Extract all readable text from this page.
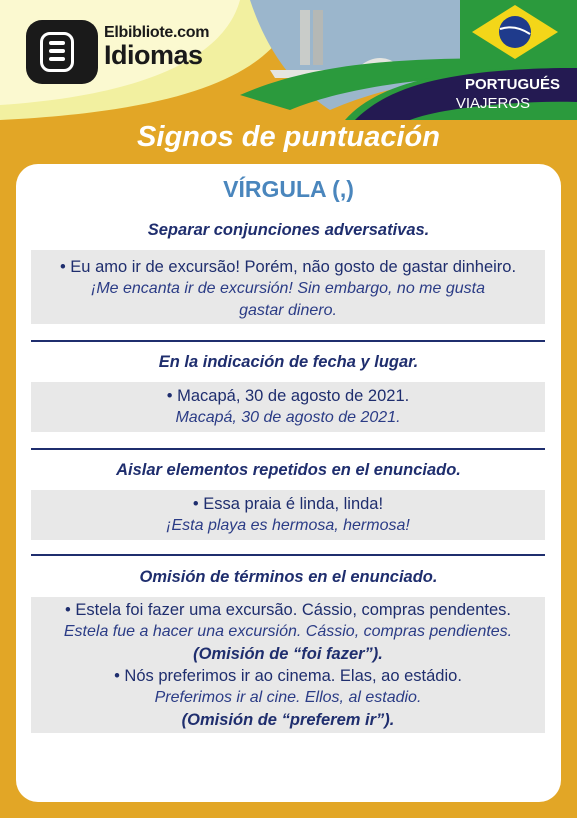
Elbibliote.com
Idiomas
PORTUGUÉS
VIAJEROS
Signos de puntuación
VÍRGULA (,)
Separar conjunciones adversativas.
• Eu amo ir de excursão! Porém, não gosto de gastar dinheiro.
¡Me encanta ir de excursión! Sin embargo, no me gusta
gastar dinero.
En la indicación de fecha y lugar.
• Macapá, 30 de agosto de 2021.
Macapá, 30 de agosto de 2021.
Aislar elementos repetidos en el enunciado.
• Essa praia é linda, linda!
¡Esta playa es hermosa, hermosa!
Omisión de términos en el enunciado.
• Estela foi fazer uma excursão. Cássio, compras pendentes.
Estela fue a hacer una excursión. Cássio, compras pendientes.
(Omisión de “foi fazer”).
• Nós preferimos ir ao cinema. Elas, ao estádio.
Preferimos ir al cine. Ellos, al estadio.
(Omisión de “preferem ir”).
